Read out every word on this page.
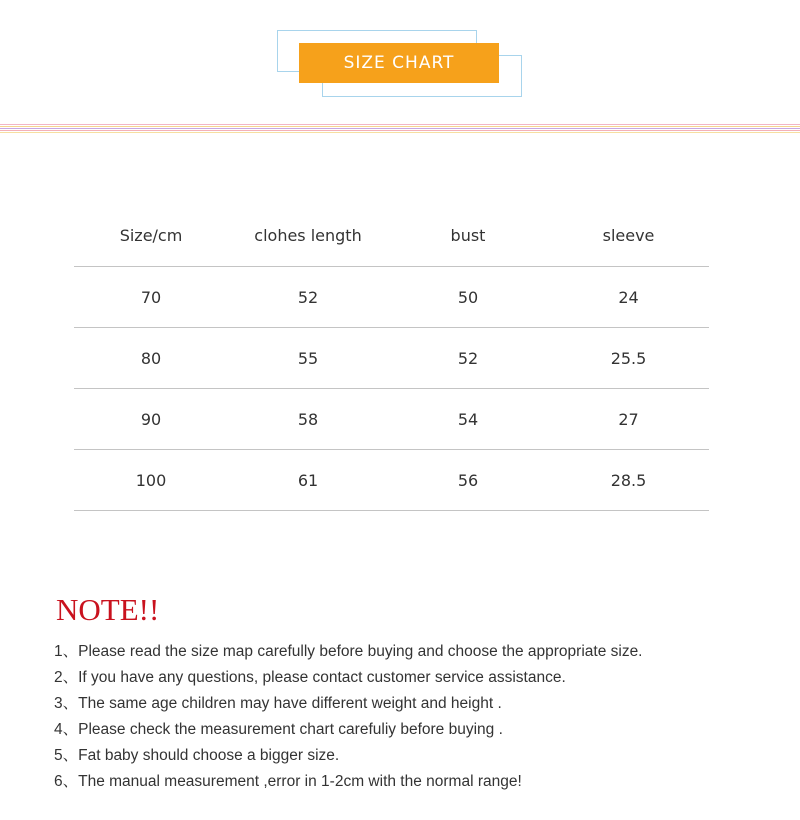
SIZE CHART
Size/cm	clohes length	bust	sleeve
70	52	50	24
80	55	52	25.5
90	58	54	27
100	61	56	28.5
NOTE!!
1、Please read the size map carefully before buying and choose the appropriate size.
2、If you have any questions, please contact customer service assistance.
3、The same age children may have different weight and height .
4、Please check the measurement chart carefuliy before buying .
5、Fat baby should choose a bigger size.
6、The manual measurement ,error in 1-2cm with the normal range!
